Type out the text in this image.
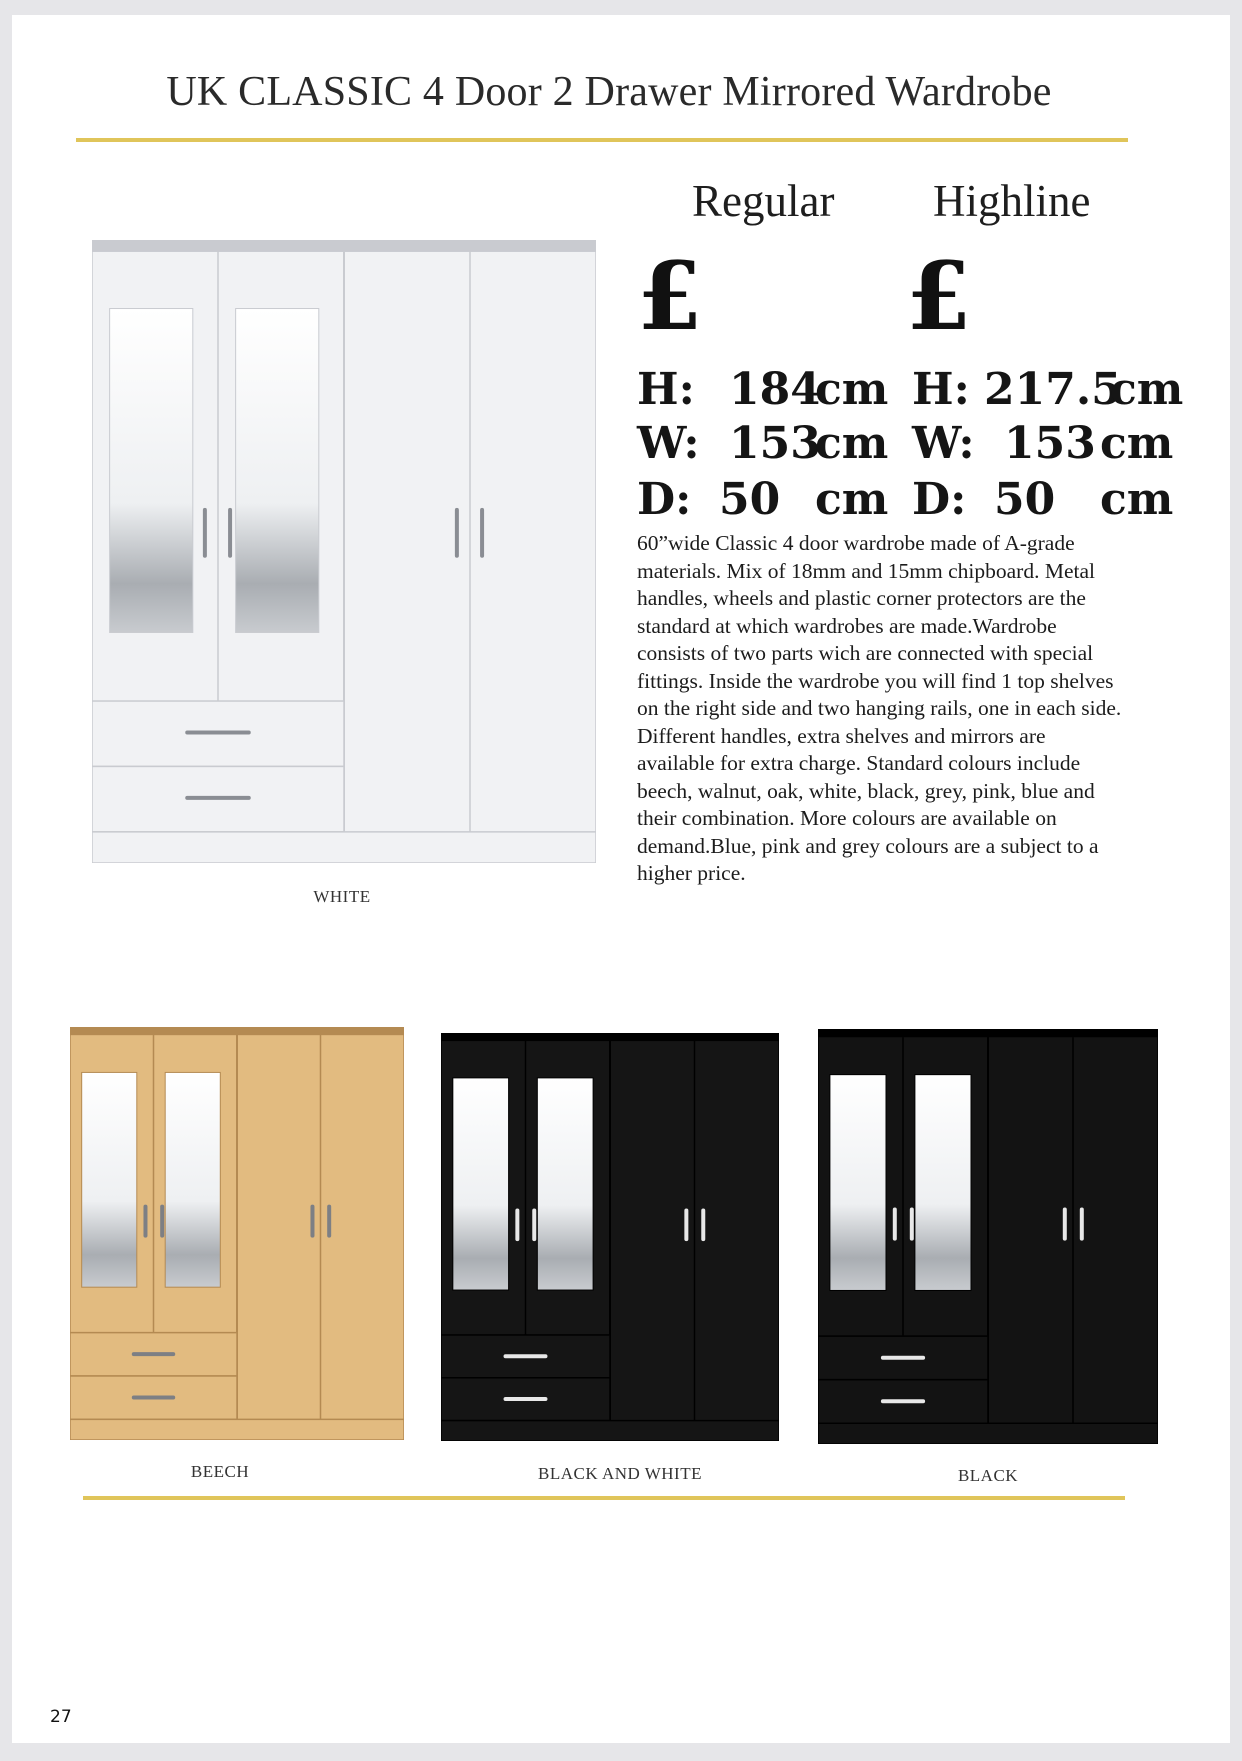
UK CLASSIC 4 Door 2 Drawer Mirrored Wardrobe
Regular Highline
£ £
H: 184
cm
W: 153
cm
D: 50 cm
H: 217.5
cm
W: 153 cm
D: 50 cm

60”wide Classic 4 door wardrobe made of A-grade materials. Mix of 18mm and 15mm chipboard. Metal handles, wheels and plastic corner protectors are the standard at which wardrobes are made.Wardrobe consists of two parts wich are connected with special fittings. Inside the wardrobe you will find 1 top shelves on the right side and two hanging rails, one in each side. Different handles, extra shelves and mirrors are available for extra charge. Standard colours include beech, walnut, oak, white, black, grey, pink, blue and their combination. More colours are available on demand.Blue, pink and grey colours are a subject to a higher price.

WHITE
BEECH	BLACK AND WHITE	BLACK
27
